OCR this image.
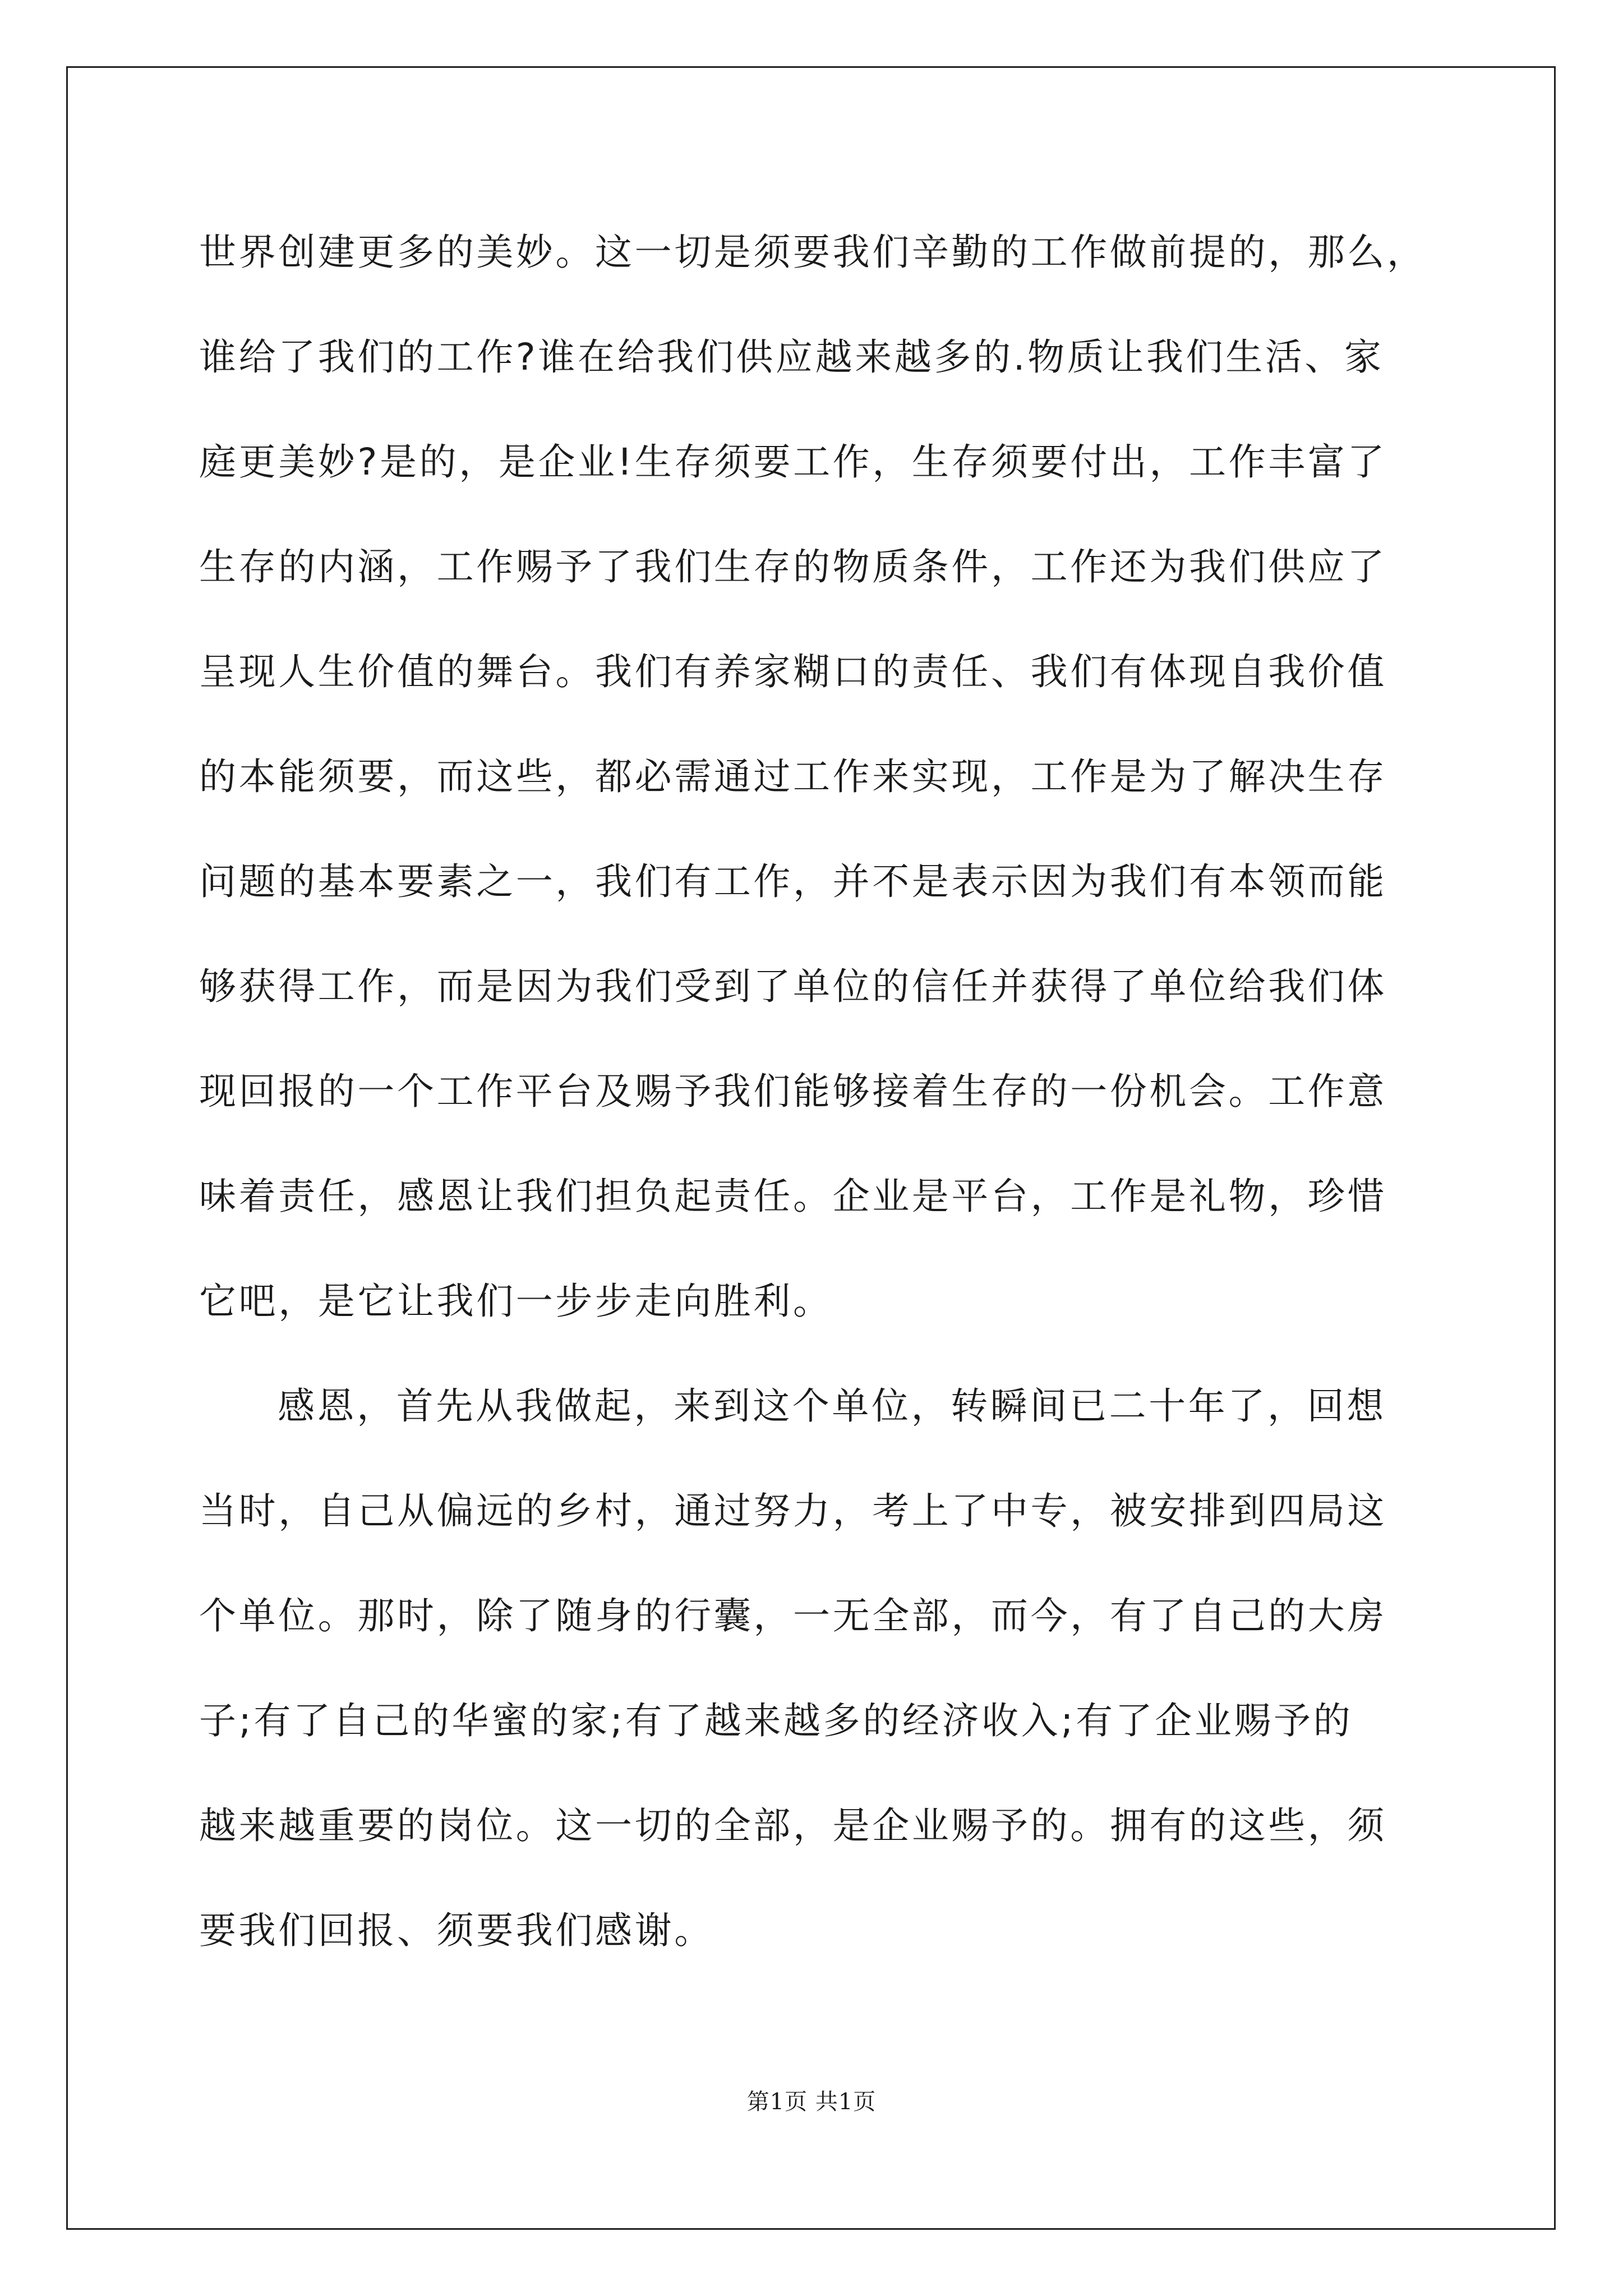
世界创建更多的美妙。这一切是须要我们辛勤的工作做前提的，那么，
谁给了我们的工作?谁在给我们供应越来越多的.物质让我们生活、家
庭更美妙?是的，是企业!生存须要工作，生存须要付出，工作丰富了
生存的内涵，工作赐予了我们生存的物质条件，工作还为我们供应了
呈现人生价值的舞台。我们有养家糊口的责任、我们有体现自我价值
的本能须要，而这些，都必需通过工作来实现，工作是为了解决生存
问题的基本要素之一，我们有工作，并不是表示因为我们有本领而能
够获得工作，而是因为我们受到了单位的信任并获得了单位给我们体
现回报的一个工作平台及赐予我们能够接着生存的一份机会。工作意
味着责任，感恩让我们担负起责任。企业是平台，工作是礼物，珍惜
它吧，是它让我们一步步走向胜利。
感恩，首先从我做起，来到这个单位，转瞬间已二十年了，回想
当时，自己从偏远的乡村，通过努力，考上了中专，被安排到四局这
个单位。那时，除了随身的行囊，一无全部，而今，有了自己的大房
子;有了自己的华蜜的家;有了越来越多的经济收入;有了企业赐予的
越来越重要的岗位。这一切的全部，是企业赐予的。拥有的这些，须
要我们回报、须要我们感谢。
第1页 共1页
